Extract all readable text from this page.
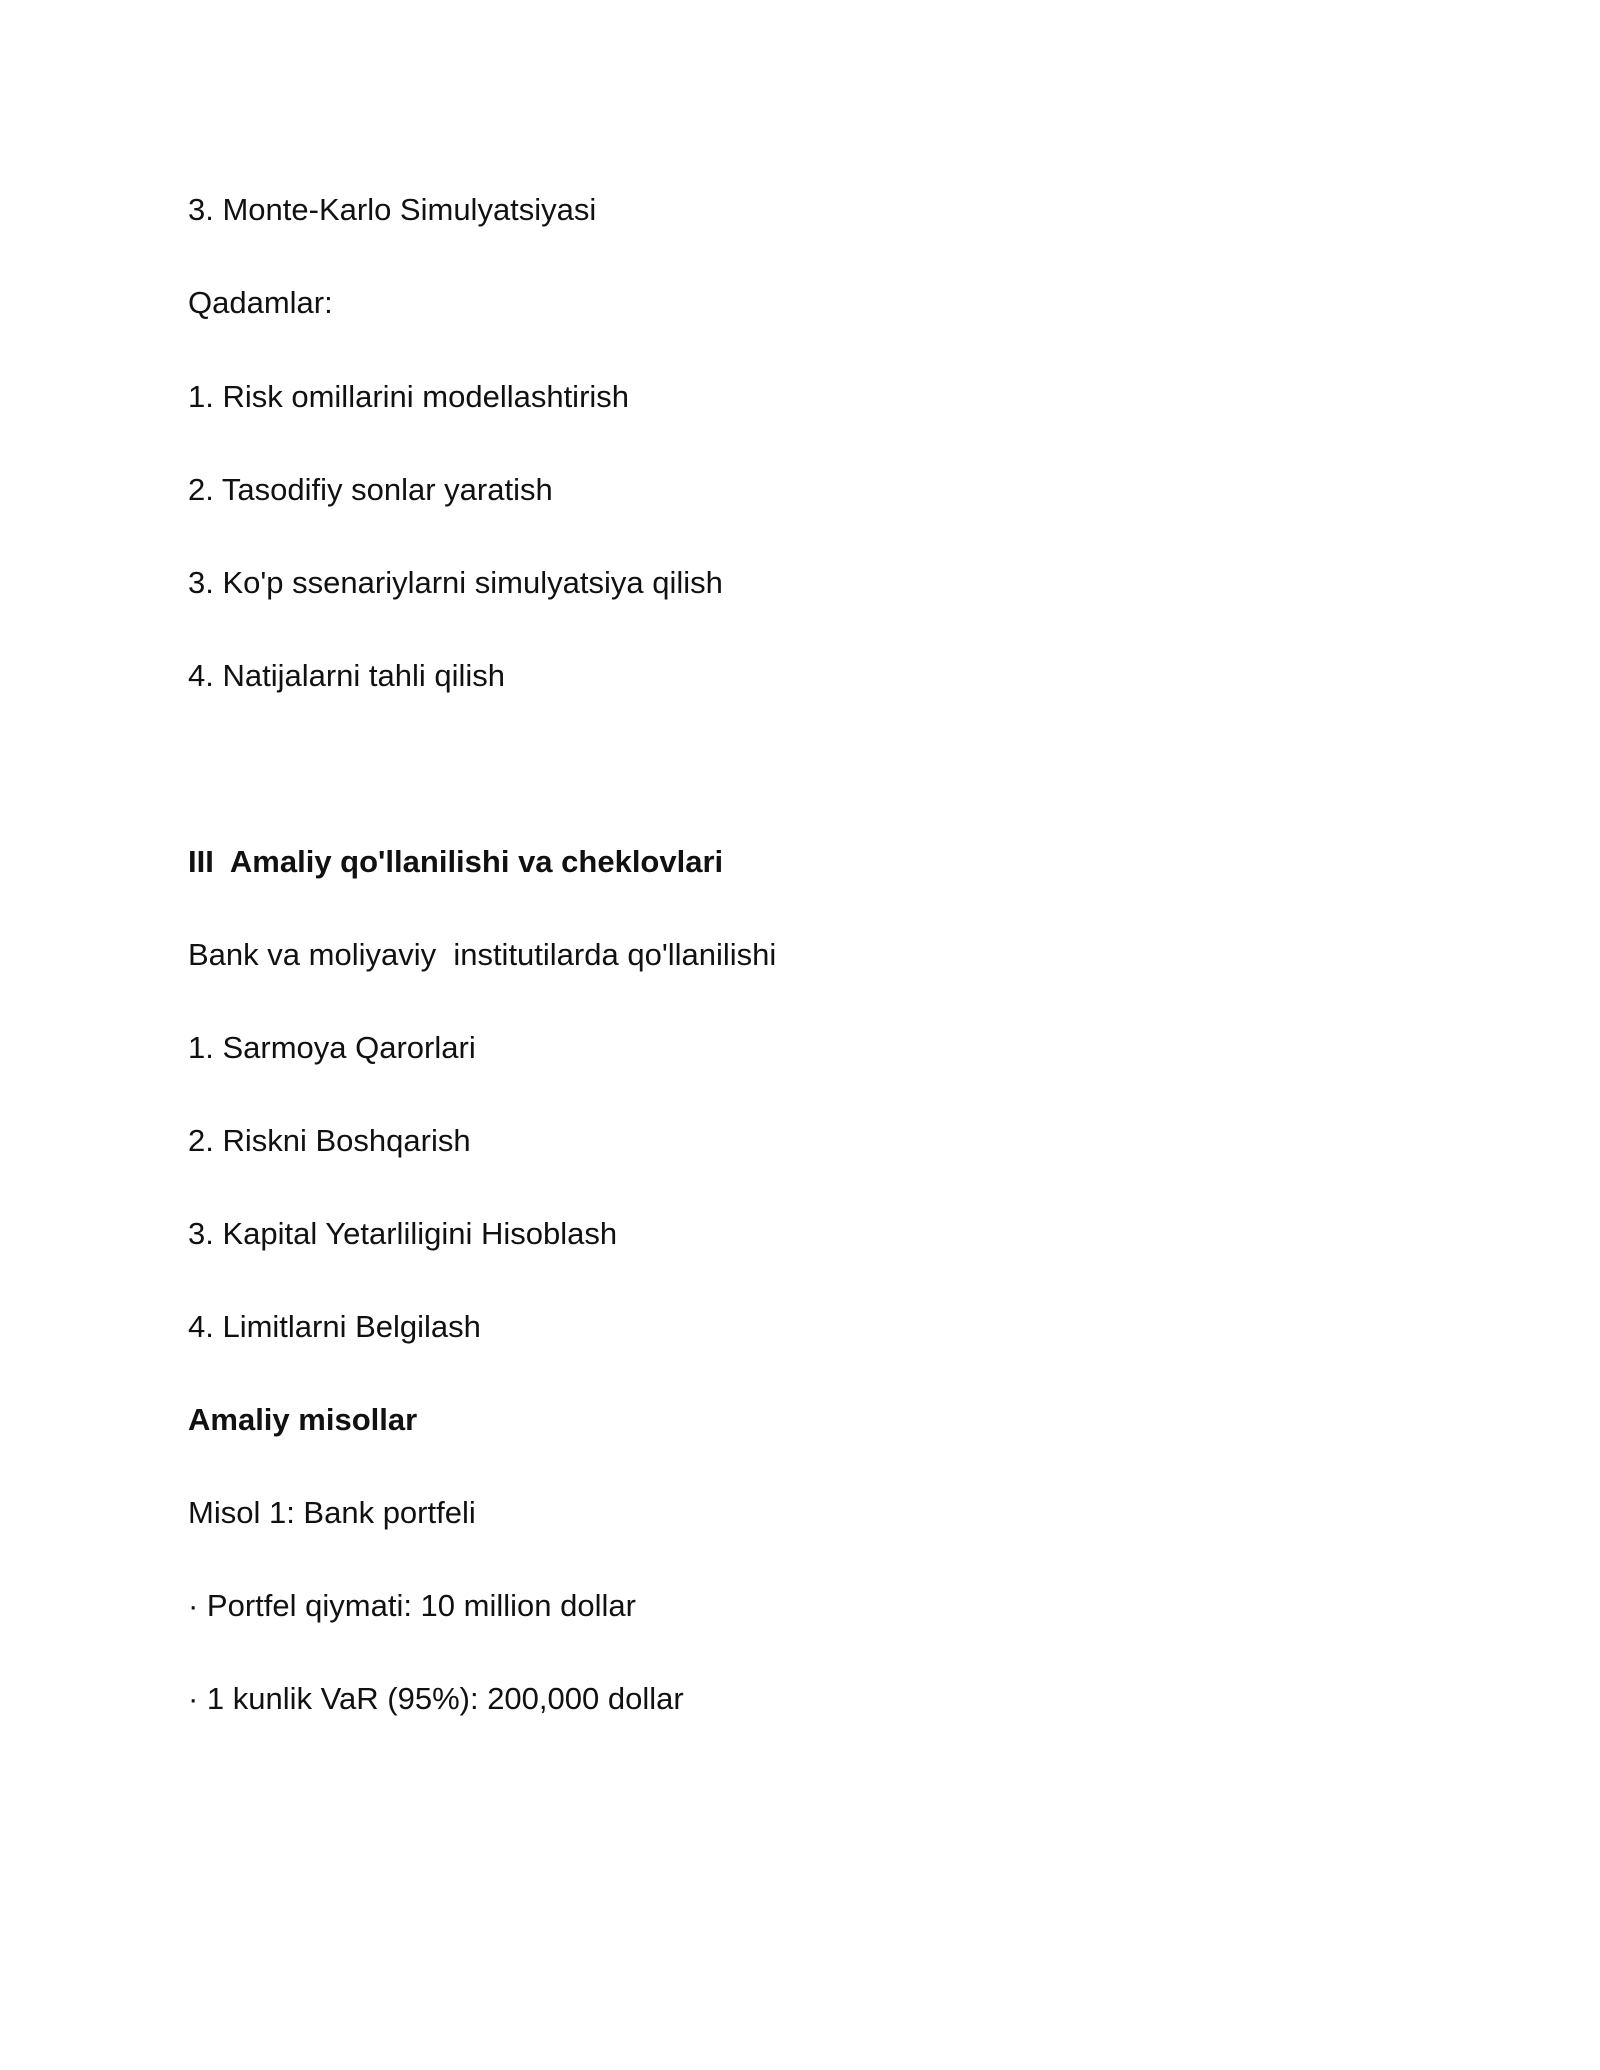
3. Monte-Karlo Simulyatsiyasi

Qadamlar:

1. Risk omillarini modellashtirish

2. Tasodifiy sonlar yaratish

3. Ko'p ssenariylarni simulyatsiya qilish

4. Natijalarni tahli qilish

III  Amaliy qo'llanilishi va cheklovlari

Bank va moliyaviy  institutilarda qo'llanilishi

1. Sarmoya Qarorlari

2. Riskni Boshqarish

3. Kapital Yetarliligini Hisoblash

4. Limitlarni Belgilash

Amaliy misollar

Misol 1: Bank portfeli

· Portfel qiymati: 10 million dollar

· 1 kunlik VaR (95%): 200,000 dollar
